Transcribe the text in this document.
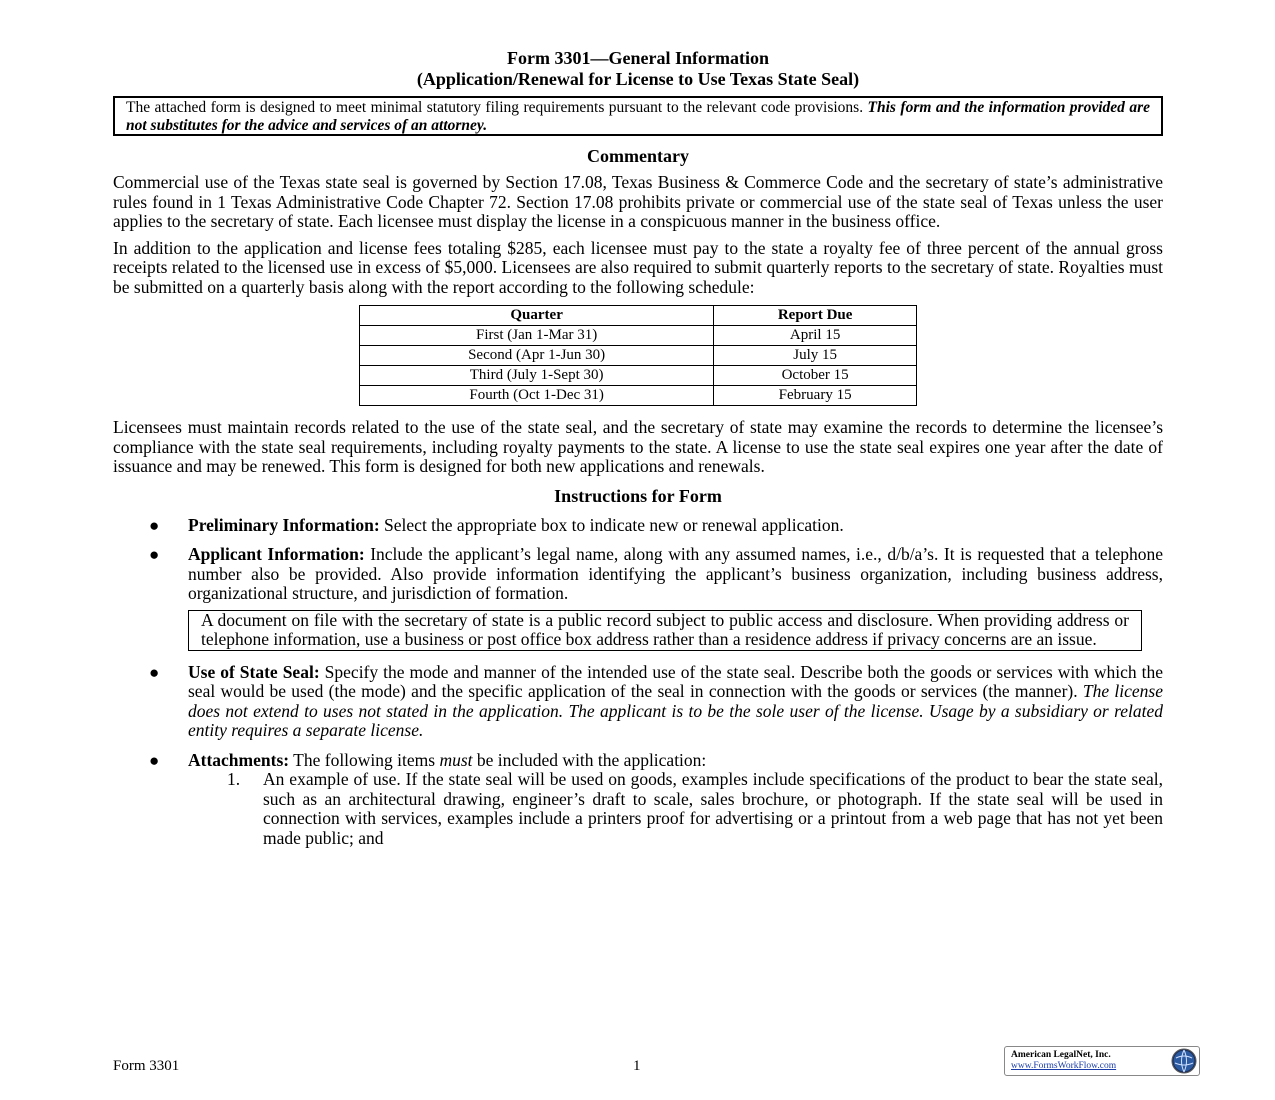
Form 3301—General Information

(Application/Renewal for License to Use Texas State Seal)

The attached form is designed to meet minimal statutory filing requirements pursuant to the relevant code provisions. This form and the information provided are not substitutes for the advice and services of an attorney.
Commentary

Commercial use of the Texas state seal is governed by Section 17.08, Texas Business & Commerce Code and the secretary of state’s administrative rules found in 1 Texas Administrative Code Chapter 72. Section 17.08 prohibits private or commercial use of the state seal of Texas unless the user applies to the secretary of state. Each licensee must display the license in a conspicuous manner in the business office.

In addition to the application and license fees totaling $285, each licensee must pay to the state a royalty fee of three percent of the annual gross receipts related to the licensed use in excess of $5,000. Licensees are also required to submit quarterly reports to the secretary of state. Royalties must be submitted on a quarterly basis along with the report according to the following schedule:

Quarter	Report Due
First (Jan 1-Mar 31)	April 15
Second (Apr 1-Jun 30)	July 15
Third (July 1-Sept 30)	October 15
Fourth (Oct 1-Dec 31)	February 15

Licensees must maintain records related to the use of the state seal, and the secretary of state may examine the records to determine the licensee’s compliance with the state seal requirements, including royalty payments to the state. A license to use the state seal expires one year after the date of issuance and may be renewed. This form is designed for both new applications and renewals.

Instructions for Form
● Preliminary Information: Select the appropriate box to indicate new or renewal application.
● Applicant Information: Include the applicant’s legal name, along with any assumed names, i.e., d/b/a’s. It is requested that a telephone number also be provided. Also provide information identifying the applicant’s business organization, including business address, organizational structure, and jurisdiction of formation.
A document on file with the secretary of state is a public record subject to public access and disclosure. When providing address or telephone information, use a business or post office box address rather than a residence address if privacy concerns are an issue.
● Use of State Seal: Specify the mode and manner of the intended use of the state seal. Describe both the goods or services with which the seal would be used (the mode) and the specific application of the seal in connection with the goods or services (the manner). The license does not extend to uses not stated in the application. The applicant is to be the sole user of the license. Usage by a subsidiary or related entity requires a separate license.
● Attachments: The following items must be included with the application:
1. An example of use. If the state seal will be used on goods, examples include specifications of the product to bear the state seal, such as an architectural drawing, engineer’s draft to scale, sales brochure, or photograph. If the state seal will be used in connection with services, examples include a printers proof for advertising or a printout from a web page that has not yet been made public; and
Form 3301	1
American LegalNet, Inc.
www.FormsWorkFlow.com
